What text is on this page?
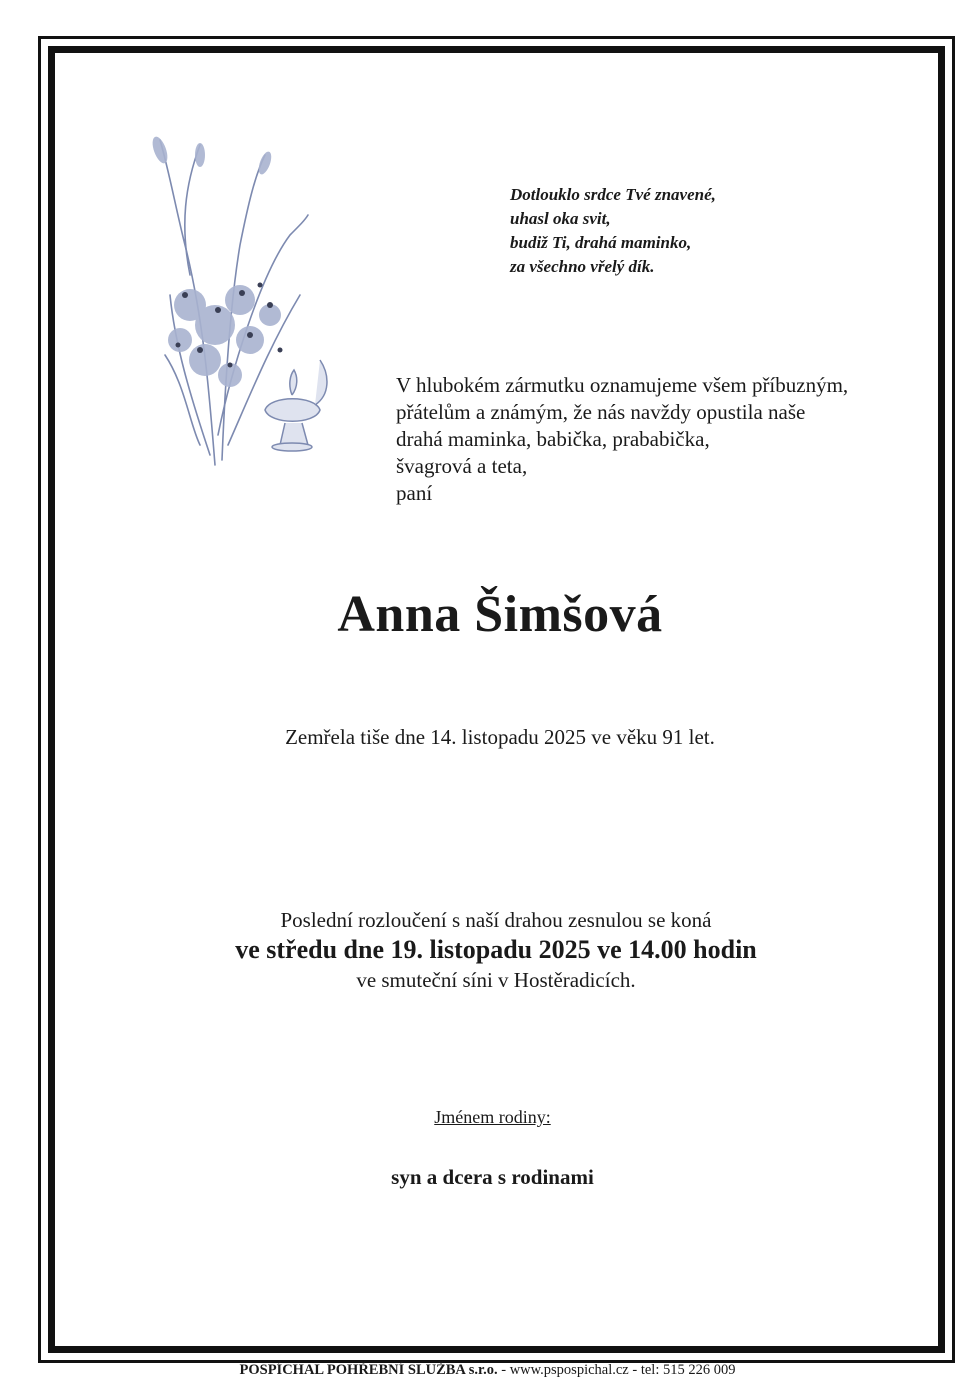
Dotlouklo srdce Tvé znavené,
uhasl oka svit,
budiž Ti, drahá maminko,
za všechno vřelý dík.
V hlubokém zármutku oznamujeme všem příbuzným,
přátelům a známým, že nás navždy opustila naše
drahá maminka, babička, prababička,
švagrová a teta,
paní
Anna Šimšová
Zemřela tiše dne 14. listopadu 2025 ve věku 91 let.
Poslední rozloučení s naší drahou zesnulou se koná
ve středu dne 19. listopadu 2025 ve 14.00 hodin
ve smuteční síni v Hostěradicích.
Jménem rodiny:
syn a dcera s rodinami
POSPÍCHAL POHŘEBNÍ SLUŽBA s.r.o. - www.pspospichal.cz - tel: 515 226 009
